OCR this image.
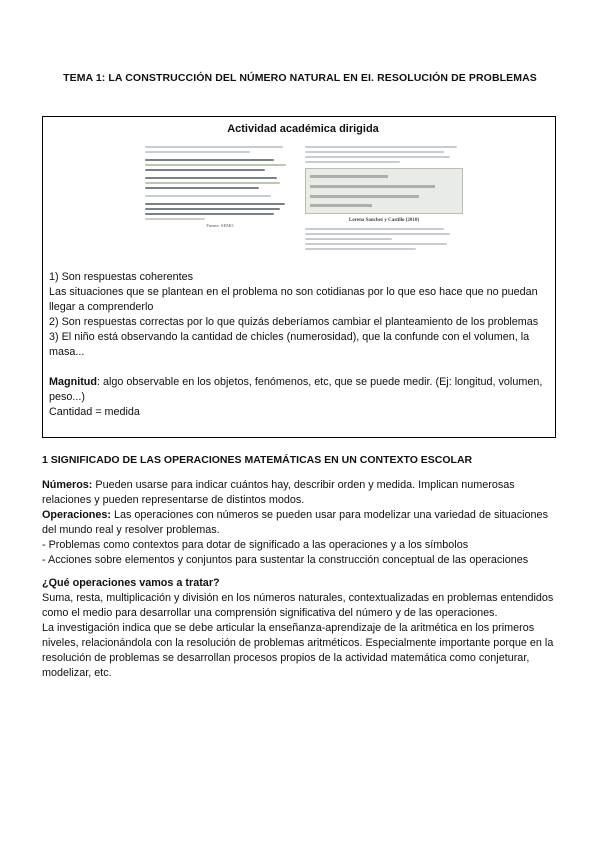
TEMA 1: LA CONSTRUCCIÓN DEL NÚMERO NATURAL EN EI. RESOLUCIÓN DE PROBLEMAS
Actividad académica dirigida
Fuente: SEMO
Lorena Sanchez y Castillo (2010)

1) Son respuestas coherentes

Las situaciones que se plantean en el problema no son cotidianas por lo que eso hace que no puedan llegar a comprenderlo

2) Son respuestas correctas por lo que quizás deberíamos cambiar el planteamiento de los problemas

3) El niño está observando la cantidad de chicles (numerosidad), que la confunde con el volumen, la masa...

Magnitud: algo observable en los objetos, fenómenos, etc, que se puede medir. (Ej: longitud, volumen, peso...)

Cantidad = medida

1 SIGNIFICADO DE LAS OPERACIONES MATEMÁTICAS EN UN CONTEXTO ESCOLAR

Números: Pueden usarse para indicar cuántos hay, describir orden y medida. Implican numerosas relaciones y pueden representarse de distintos modos.

Operaciones: Las operaciones con números se pueden usar para modelizar una variedad de situaciones del mundo real y resolver problemas.

- Problemas como contextos para dotar de significado a las operaciones y a los símbolos

- Acciones sobre elementos y conjuntos para sustentar la construcción conceptual de las operaciones

¿Qué operaciones vamos a tratar?

Suma, resta, multiplicación y división en los números naturales, contextualizadas en problemas entendidos como el medio para desarrollar una comprensión significativa del número y de las operaciones.

La investigación indica que se debe articular la enseñanza-aprendizaje de la aritmética en los primeros niveles, relacionándola con la resolución de problemas aritméticos. Especialmente importante porque en la resolución de problemas se desarrollan procesos propios de la actividad matemática como conjeturar, modelizar, etc.
